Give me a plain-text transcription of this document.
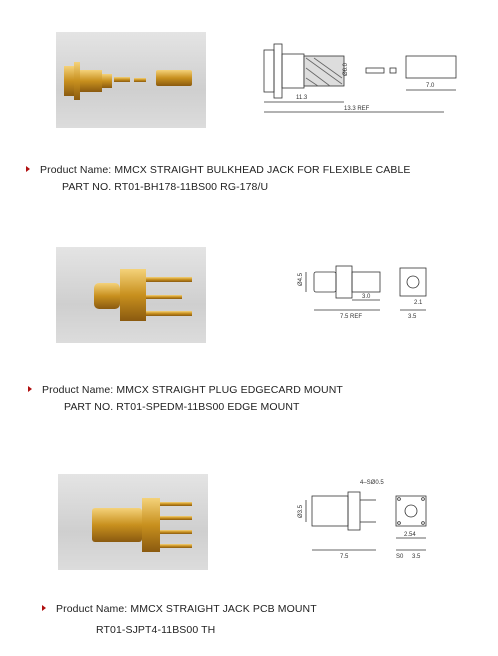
11.3
13.3 REF
7.0
Ø6.0
Product Name: MMCX STRAIGHT BULKHEAD JACK FOR FLEXIBLE CABLE
PART NO. RT01-BH178-11BS00 RG-178/U
Ø4.5
3.0
7.5 REF
2.1
3.5
Product Name: MMCX STRAIGHT PLUG EDGECARD MOUNT
PART NO. RT01-SPEDM-11BS00 EDGE MOUNT
4–SØ0.5
Ø3.5
7.5
2.54
S0 3.5
Product Name: MMCX STRAIGHT JACK PCB MOUNT
RT01-SJPT4-11BS00 TH
